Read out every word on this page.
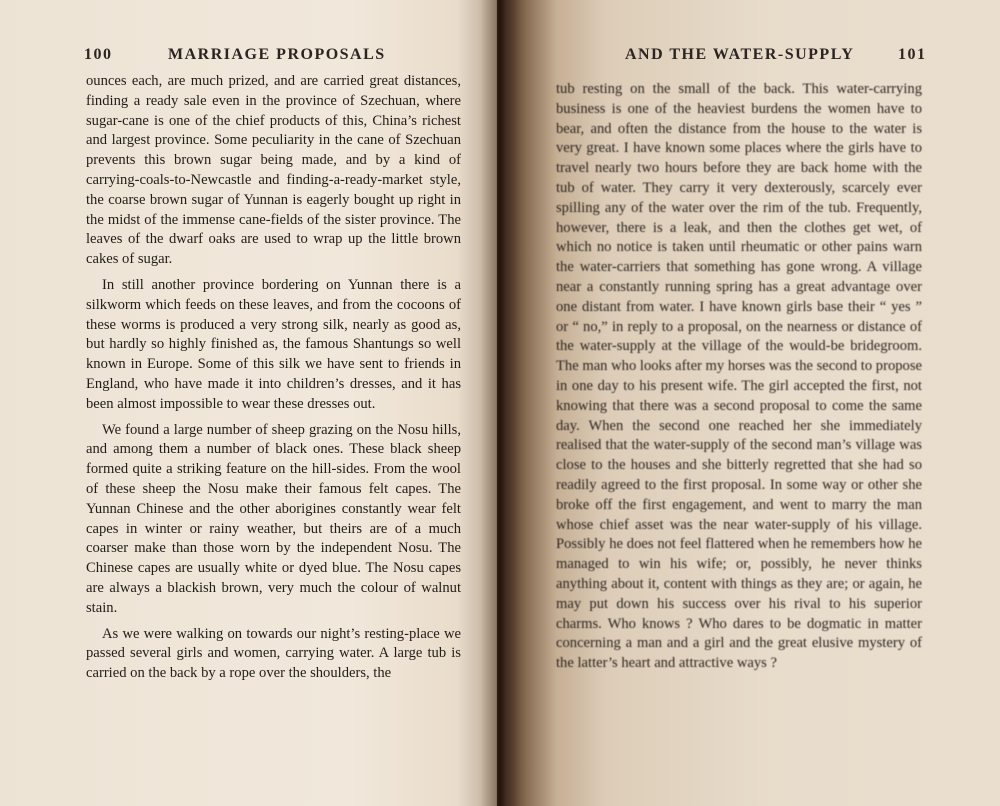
100	MARRIAGE PROPOSALS

ounces each, are much prized, and are carried great distances, finding a ready sale even in the province of Szechuan, where sugar-cane is one of the chief products of this, China’s richest and largest province. Some peculiarity in the cane of Szechuan prevents this brown sugar being made, and by a kind of carrying-coals-to-Newcastle and finding-a-ready-market style, the coarse brown sugar of Yunnan is eagerly bought up right in the midst of the immense cane-fields of the sister province. The leaves of the dwarf oaks are used to wrap up the little brown cakes of sugar.

In still another province bordering on Yunnan there is a silkworm which feeds on these leaves, and from the cocoons of these worms is produced a very strong silk, nearly as good as, but hardly so highly finished as, the famous Shantungs so well known in Europe. Some of this silk we have sent to friends in England, who have made it into children’s dresses, and it has been almost impossible to wear these dresses out.

We found a large number of sheep grazing on the Nosu hills, and among them a number of black ones. These black sheep formed quite a striking feature on the hill-sides. From the wool of these sheep the Nosu make their famous felt capes. The Yunnan Chinese and the other aborigines constantly wear felt capes in winter or rainy weather, but theirs are of a much coarser make than those worn by the independent Nosu. The Chinese capes are usually white or dyed blue. The Nosu capes are always a blackish brown, very much the colour of walnut stain.

As we were walking on towards our night’s resting-place we passed several girls and women, carrying water. A large tub is carried on the back by a rope over the shoulders, the

tub resting on the small of the back. This water-carrying business is one of the heaviest burdens the women have to bear, and often the distance from the house to the water is very great. I have known some places where the girls have to travel nearly two hours before they are back home with the tub of water. They carry it very dexterously, scarcely ever spilling any of the water over the rim of the tub. Frequently, however, there is a leak, and then the clothes get wet, of which no notice is taken until rheumatic or other pains warn the water-carriers that something has gone wrong. A village near a constantly running spring has a great advantage over one distant from water. I have known girls base their “ yes ” or “ no,” in reply to a proposal, on the nearness or distance of the water-supply at the village of the would-be bridegroom. The man who looks after my horses was the second to propose in one day to his present wife. The girl accepted the first, not knowing that there was a second proposal to come the same day. When the second one reached her she immediately realised that the water-supply of the second man’s village was close to the houses and she bitterly regretted that she had so readily agreed to the first proposal. In some way or other she broke off the first engagement, and went to marry the man whose chief asset was the near water-supply of his village. Possibly he does not feel flattered when he remembers how he managed to win his wife; or, possibly, he never thinks anything about it, content with things as they are; or again, he may put down his success over his rival to his superior charms. Who knows ? Who dares to be dogmatic in matter concerning a man and a girl and the great elusive mystery of the latter’s heart and attractive ways ?

AND THE WATER-SUPPLY	101
